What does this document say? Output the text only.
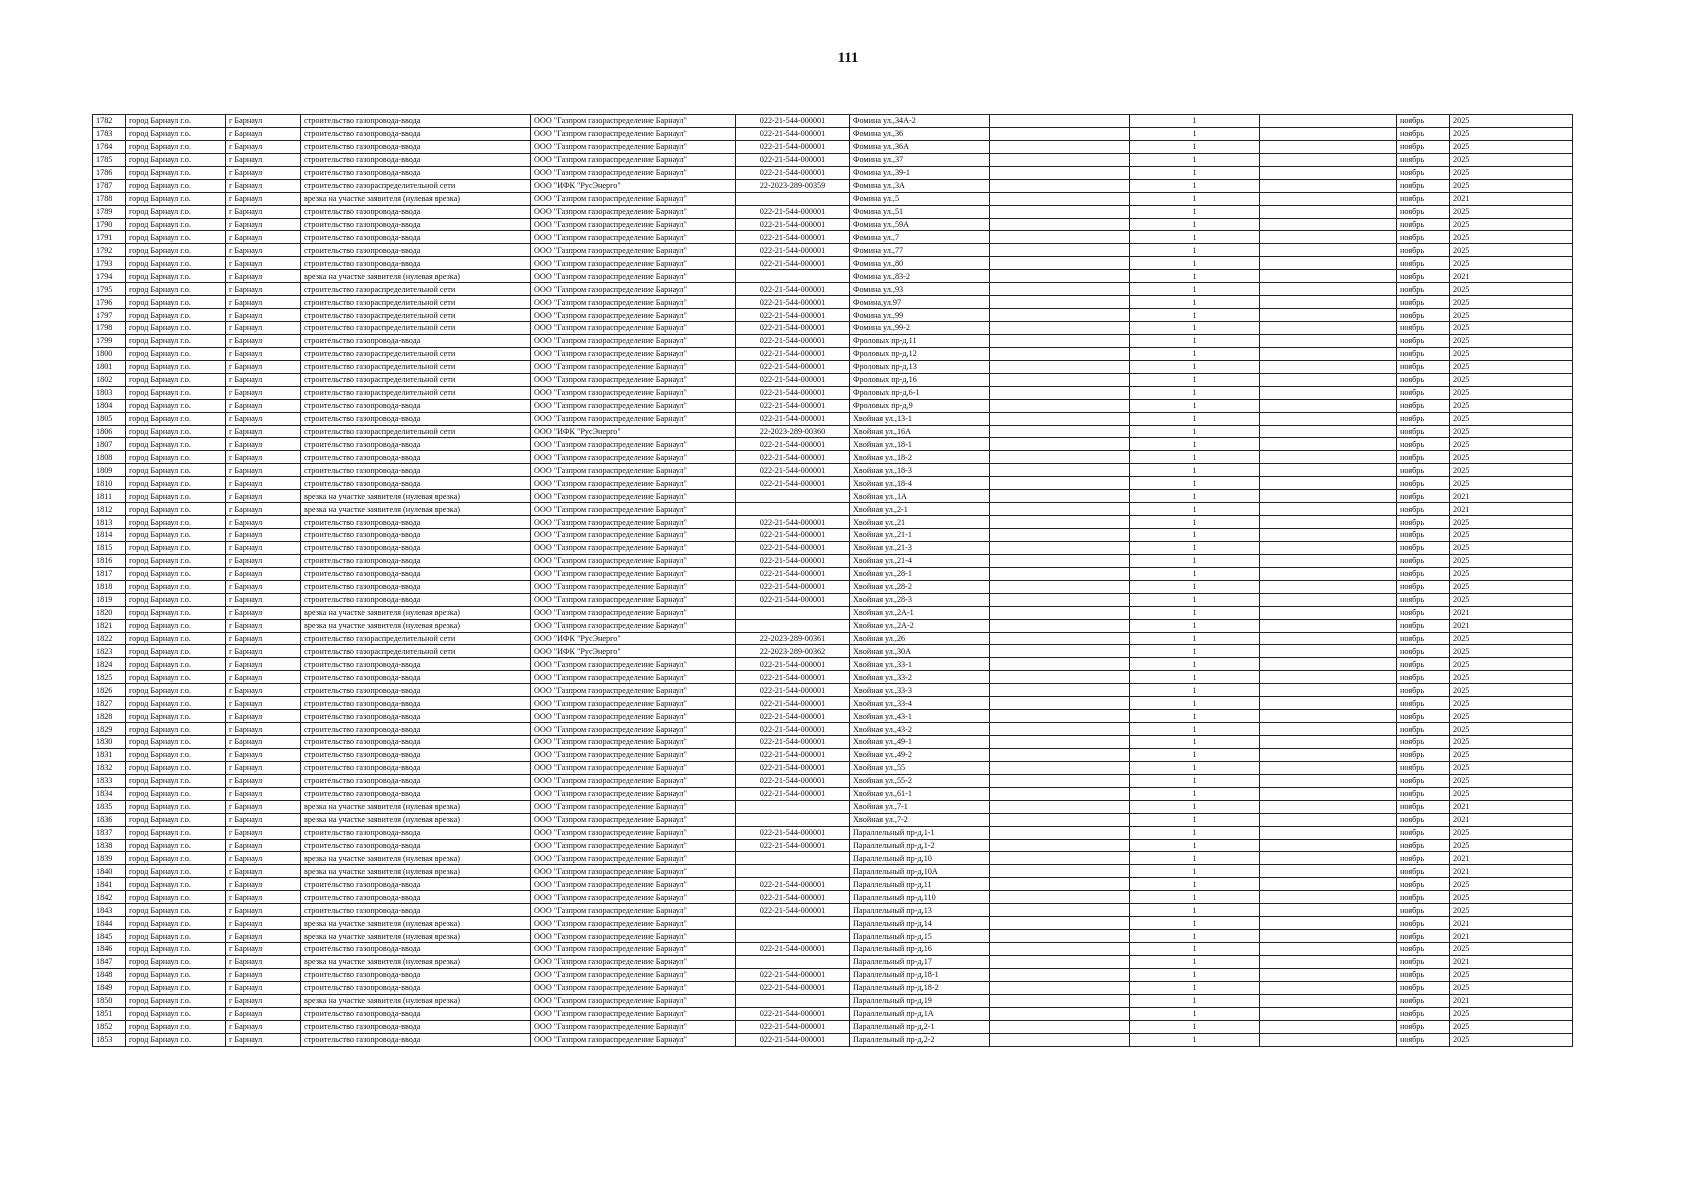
111
1782	город Барнаул г.о.	г Барнаул	строительство газопровода-ввода	ООО "Газпром газораспределение Барнаул"	022-21-544-000001	Фомина ул.,34А-2		1		ноябрь	2025
1783	город Барнаул г.о.	г Барнаул	строительство газопровода-ввода	ООО "Газпром газораспределение Барнаул"	022-21-544-000001	Фомина ул.,36		1		ноябрь	2025
1784	город Барнаул г.о.	г Барнаул	строительство газопровода-ввода	ООО "Газпром газораспределение Барнаул"	022-21-544-000001	Фомина ул.,36А		1		ноябрь	2025
1785	город Барнаул г.о.	г Барнаул	строительство газопровода-ввода	ООО "Газпром газораспределение Барнаул"	022-21-544-000001	Фомина ул.,37		1		ноябрь	2025
1786	город Барнаул г.о.	г Барнаул	строительство газопровода-ввода	ООО "Газпром газораспределение Барнаул"	022-21-544-000001	Фомина ул.,39-1		1		ноябрь	2025
1787	город Барнаул г.о.	г Барнаул	строительство газораспределительной сети	ООО "ИФК "РусЭнерго"	22-2023-289-00359	Фомина ул.,3А		1		ноябрь	2025
1788	город Барнаул г.о.	г Барнаул	врезка на участке заявителя (нулевая врезка)	ООО "Газпром газораспределение Барнаул"		Фомина ул.,5		1		ноябрь	2021
1789	город Барнаул г.о.	г Барнаул	строительство газопровода-ввода	ООО "Газпром газораспределение Барнаул"	022-21-544-000001	Фомина ул.,51		1		ноябрь	2025
1790	город Барнаул г.о.	г Барнаул	строительство газопровода-ввода	ООО "Газпром газораспределение Барнаул"	022-21-544-000001	Фомина ул.,59А		1		ноябрь	2025
1791	город Барнаул г.о.	г Барнаул	строительство газопровода-ввода	ООО "Газпром газораспределение Барнаул"	022-21-544-000001	Фомина ул.,7		1		ноябрь	2025
1792	город Барнаул г.о.	г Барнаул	строительство газопровода-ввода	ООО "Газпром газораспределение Барнаул"	022-21-544-000001	Фомина ул.,77		1		ноябрь	2025
1793	город Барнаул г.о.	г Барнаул	строительство газопровода-ввода	ООО "Газпром газораспределение Барнаул"	022-21-544-000001	Фомина ул.,80		1		ноябрь	2025
1794	город Барнаул г.о.	г Барнаул	врезка на участке заявителя (нулевая врезка)	ООО "Газпром газораспределение Барнаул"		Фомина ул.,83-2		1		ноябрь	2021
1795	город Барнаул г.о.	г Барнаул	строительство газораспределительной сети	ООО "Газпром газораспределение Барнаул"	022-21-544-000001	Фомина ул.,93		1		ноябрь	2025
1796	город Барнаул г.о.	г Барнаул	строительство газораспределительной сети	ООО "Газпром газораспределение Барнаул"	022-21-544-000001	Фомина,ул.97		1		ноябрь	2025
1797	город Барнаул г.о.	г Барнаул	строительство газораспределительной сети	ООО "Газпром газораспределение Барнаул"	022-21-544-000001	Фомина ул.,99		1		ноябрь	2025
1798	город Барнаул г.о.	г Барнаул	строительство газораспределительной сети	ООО "Газпром газораспределение Барнаул"	022-21-544-000001	Фомина ул.,99-2		1		ноябрь	2025
1799	город Барнаул г.о.	г Барнаул	строительство газопровода-ввода	ООО "Газпром газораспределение Барнаул"	022-21-544-000001	Фроловых пр-д,11		1		ноябрь	2025
1800	город Барнаул г.о.	г Барнаул	строительство газораспределительной сети	ООО "Газпром газораспределение Барнаул"	022-21-544-000001	Фроловых пр-д,12		1		ноябрь	2025
1801	город Барнаул г.о.	г Барнаул	строительство газораспределительной сети	ООО "Газпром газораспределение Барнаул"	022-21-544-000001	Фроловых пр-д,13		1		ноябрь	2025
1802	город Барнаул г.о.	г Барнаул	строительство газораспределительной сети	ООО "Газпром газораспределение Барнаул"	022-21-544-000001	Фроловых пр-д,16		1		ноябрь	2025
1803	город Барнаул г.о.	г Барнаул	строительство газораспределительной сети	ООО "Газпром газораспределение Барнаул"	022-21-544-000001	Фроловых пр-д,6-1		1		ноябрь	2025
1804	город Барнаул г.о.	г Барнаул	строительство газопровода-ввода	ООО "Газпром газораспределение Барнаул"	022-21-544-000001	Фроловых пр-д,9		1		ноябрь	2025
1805	город Барнаул г.о.	г Барнаул	строительство газопровода-ввода	ООО "Газпром газораспределение Барнаул"	022-21-544-000001	Хвойная ул.,13-1		1		ноябрь	2025
1806	город Барнаул г.о.	г Барнаул	строительство газораспределительной сети	ООО "ИФК "РусЭнерго"	22-2023-289-00360	Хвойная ул.,16А		1		ноябрь	2025
1807	город Барнаул г.о.	г Барнаул	строительство газопровода-ввода	ООО "Газпром газораспределение Барнаул"	022-21-544-000001	Хвойная ул.,18-1		1		ноябрь	2025
1808	город Барнаул г.о.	г Барнаул	строительство газопровода-ввода	ООО "Газпром газораспределение Барнаул"	022-21-544-000001	Хвойная ул.,18-2		1		ноябрь	2025
1809	город Барнаул г.о.	г Барнаул	строительство газопровода-ввода	ООО "Газпром газораспределение Барнаул"	022-21-544-000001	Хвойная ул.,18-3		1		ноябрь	2025
1810	город Барнаул г.о.	г Барнаул	строительство газопровода-ввода	ООО "Газпром газораспределение Барнаул"	022-21-544-000001	Хвойная ул.,18-4		1		ноябрь	2025
1811	город Барнаул г.о.	г Барнаул	врезка на участке заявителя (нулевая врезка)	ООО "Газпром газораспределение Барнаул"		Хвойная ул.,1А		1		ноябрь	2021
1812	город Барнаул г.о.	г Барнаул	врезка на участке заявителя (нулевая врезка)	ООО "Газпром газораспределение Барнаул"		Хвойная ул.,2-1		1		ноябрь	2021
1813	город Барнаул г.о.	г Барнаул	строительство газопровода-ввода	ООО "Газпром газораспределение Барнаул"	022-21-544-000001	Хвойная ул.,21		1		ноябрь	2025
1814	город Барнаул г.о.	г Барнаул	строительство газопровода-ввода	ООО "Газпром газораспределение Барнаул"	022-21-544-000001	Хвойная ул.,21-1		1		ноябрь	2025
1815	город Барнаул г.о.	г Барнаул	строительство газопровода-ввода	ООО "Газпром газораспределение Барнаул"	022-21-544-000001	Хвойная ул.,21-3		1		ноябрь	2025
1816	город Барнаул г.о.	г Барнаул	строительство газопровода-ввода	ООО "Газпром газораспределение Барнаул"	022-21-544-000001	Хвойная ул.,21-4		1		ноябрь	2025
1817	город Барнаул г.о.	г Барнаул	строительство газопровода-ввода	ООО "Газпром газораспределение Барнаул"	022-21-544-000001	Хвойная ул.,28-1		1		ноябрь	2025
1818	город Барнаул г.о.	г Барнаул	строительство газопровода-ввода	ООО "Газпром газораспределение Барнаул"	022-21-544-000001	Хвойная ул.,28-2		1		ноябрь	2025
1819	город Барнаул г.о.	г Барнаул	строительство газопровода-ввода	ООО "Газпром газораспределение Барнаул"	022-21-544-000001	Хвойная ул.,28-3		1		ноябрь	2025
1820	город Барнаул г.о.	г Барнаул	врезка на участке заявителя (нулевая врезка)	ООО "Газпром газораспределение Барнаул"		Хвойная ул.,2А-1		1		ноябрь	2021
1821	город Барнаул г.о.	г Барнаул	врезка на участке заявителя (нулевая врезка)	ООО "Газпром газораспределение Барнаул"		Хвойная ул.,2А-2		1		ноябрь	2021
1822	город Барнаул г.о.	г Барнаул	строительство газораспределительной сети	ООО "ИФК "РусЭнерго"	22-2023-289-00361	Хвойная ул.,26		1		ноябрь	2025
1823	город Барнаул г.о.	г Барнаул	строительство газораспределительной сети	ООО "ИФК "РусЭнерго"	22-2023-289-00362	Хвойная ул.,30А		1		ноябрь	2025
1824	город Барнаул г.о.	г Барнаул	строительство газопровода-ввода	ООО "Газпром газораспределение Барнаул"	022-21-544-000001	Хвойная ул.,33-1		1		ноябрь	2025
1825	город Барнаул г.о.	г Барнаул	строительство газопровода-ввода	ООО "Газпром газораспределение Барнаул"	022-21-544-000001	Хвойная ул.,33-2		1		ноябрь	2025
1826	город Барнаул г.о.	г Барнаул	строительство газопровода-ввода	ООО "Газпром газораспределение Барнаул"	022-21-544-000001	Хвойная ул.,33-3		1		ноябрь	2025
1827	город Барнаул г.о.	г Барнаул	строительство газопровода-ввода	ООО "Газпром газораспределение Барнаул"	022-21-544-000001	Хвойная ул.,33-4		1		ноябрь	2025
1828	город Барнаул г.о.	г Барнаул	строительство газопровода-ввода	ООО "Газпром газораспределение Барнаул"	022-21-544-000001	Хвойная ул.,43-1		1		ноябрь	2025
1829	город Барнаул г.о.	г Барнаул	строительство газопровода-ввода	ООО "Газпром газораспределение Барнаул"	022-21-544-000001	Хвойная ул.,43-2		1		ноябрь	2025
1830	город Барнаул г.о.	г Барнаул	строительство газопровода-ввода	ООО "Газпром газораспределение Барнаул"	022-21-544-000001	Хвойная ул.,49-1		1		ноябрь	2025
1831	город Барнаул г.о.	г Барнаул	строительство газопровода-ввода	ООО "Газпром газораспределение Барнаул"	022-21-544-000001	Хвойная ул.,49-2		1		ноябрь	2025
1832	город Барнаул г.о.	г Барнаул	строительство газопровода-ввода	ООО "Газпром газораспределение Барнаул"	022-21-544-000001	Хвойная ул.,55		1		ноябрь	2025
1833	город Барнаул г.о.	г Барнаул	строительство газопровода-ввода	ООО "Газпром газораспределение Барнаул"	022-21-544-000001	Хвойная ул.,55-2		1		ноябрь	2025
1834	город Барнаул г.о.	г Барнаул	строительство газопровода-ввода	ООО "Газпром газораспределение Барнаул"	022-21-544-000001	Хвойная ул.,61-1		1		ноябрь	2025
1835	город Барнаул г.о.	г Барнаул	врезка на участке заявителя (нулевая врезка)	ООО "Газпром газораспределение Барнаул"		Хвойная ул.,7-1		1		ноябрь	2021
1836	город Барнаул г.о.	г Барнаул	врезка на участке заявителя (нулевая врезка)	ООО "Газпром газораспределение Барнаул"		Хвойная ул.,7-2		1		ноябрь	2021
1837	город Барнаул г.о.	г Барнаул	строительство газопровода-ввода	ООО "Газпром газораспределение Барнаул"	022-21-544-000001	Параллельный пр-д,1-1		1		ноябрь	2025
1838	город Барнаул г.о.	г Барнаул	строительство газопровода-ввода	ООО "Газпром газораспределение Барнаул"	022-21-544-000001	Параллельный пр-д,1-2		1		ноябрь	2025
1839	город Барнаул г.о.	г Барнаул	врезка на участке заявителя (нулевая врезка)	ООО "Газпром газораспределение Барнаул"		Параллельный пр-д,10		1		ноябрь	2021
1840	город Барнаул г.о.	г Барнаул	врезка на участке заявителя (нулевая врезка)	ООО "Газпром газораспределение Барнаул"		Параллельный пр-д,10А		1		ноябрь	2021
1841	город Барнаул г.о.	г Барнаул	строительство газопровода-ввода	ООО "Газпром газораспределение Барнаул"	022-21-544-000001	Параллельный пр-д,11		1		ноябрь	2025
1842	город Барнаул г.о.	г Барнаул	строительство газопровода-ввода	ООО "Газпром газораспределение Барнаул"	022-21-544-000001	Параллельный пр-д,110		1		ноябрь	2025
1843	город Барнаул г.о.	г Барнаул	строительство газопровода-ввода	ООО "Газпром газораспределение Барнаул"	022-21-544-000001	Параллельный пр-д,13		1		ноябрь	2025
1844	город Барнаул г.о.	г Барнаул	врезка на участке заявителя (нулевая врезка)	ООО "Газпром газораспределение Барнаул"		Параллельный пр-д,14		1		ноябрь	2021
1845	город Барнаул г.о.	г Барнаул	врезка на участке заявителя (нулевая врезка)	ООО "Газпром газораспределение Барнаул"		Параллельный пр-д,15		1		ноябрь	2021
1846	город Барнаул г.о.	г Барнаул	строительство газопровода-ввода	ООО "Газпром газораспределение Барнаул"	022-21-544-000001	Параллельный пр-д,16		1		ноябрь	2025
1847	город Барнаул г.о.	г Барнаул	врезка на участке заявителя (нулевая врезка)	ООО "Газпром газораспределение Барнаул"		Параллельный пр-д,17		1		ноябрь	2021
1848	город Барнаул г.о.	г Барнаул	строительство газопровода-ввода	ООО "Газпром газораспределение Барнаул"	022-21-544-000001	Параллельный пр-д,18-1		1		ноябрь	2025
1849	город Барнаул г.о.	г Барнаул	строительство газопровода-ввода	ООО "Газпром газораспределение Барнаул"	022-21-544-000001	Параллельный пр-д,18-2		1		ноябрь	2025
1850	город Барнаул г.о.	г Барнаул	врезка на участке заявителя (нулевая врезка)	ООО "Газпром газораспределение Барнаул"		Параллельный пр-д,19		1		ноябрь	2021
1851	город Барнаул г.о.	г Барнаул	строительство газопровода-ввода	ООО "Газпром газораспределение Барнаул"	022-21-544-000001	Параллельный пр-д,1А		1		ноябрь	2025
1852	город Барнаул г.о.	г Барнаул	строительство газопровода-ввода	ООО "Газпром газораспределение Барнаул"	022-21-544-000001	Параллельный пр-д,2-1		1		ноябрь	2025
1853	город Барнаул г.о.	г Барнаул	строительство газопровода-ввода	ООО "Газпром газораспределение Барнаул"	022-21-544-000001	Параллельный пр-д,2-2		1		ноябрь	2025
